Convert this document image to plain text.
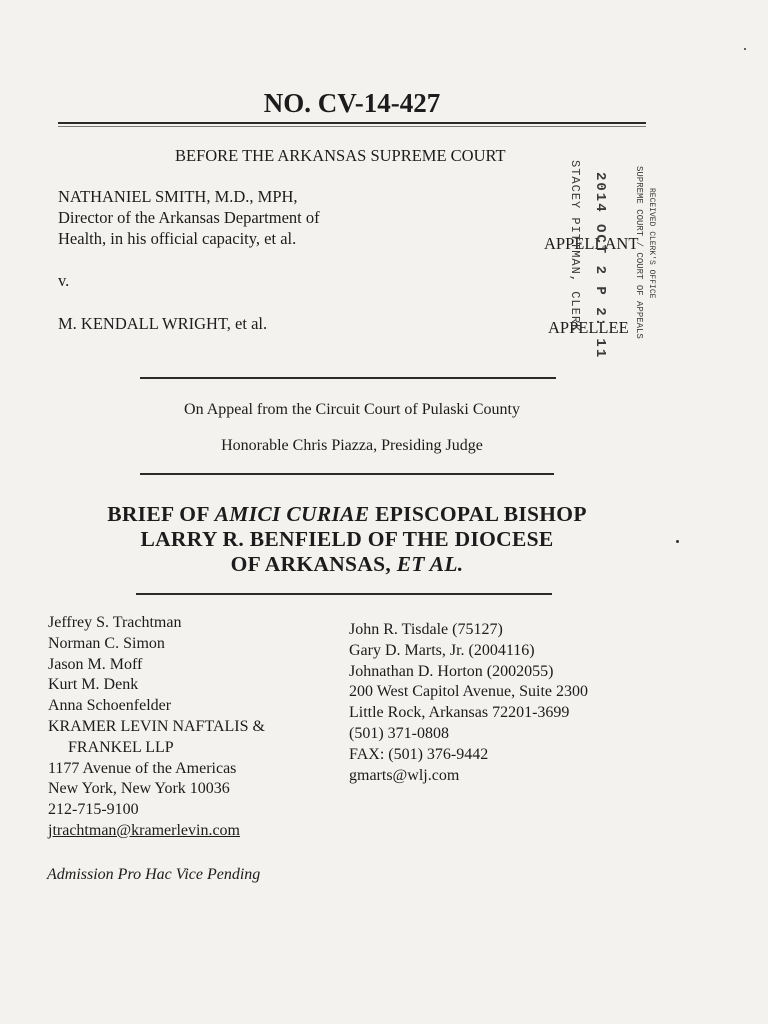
NO. CV-14-427
BEFORE THE ARKANSAS SUPREME COURT
NATHANIEL SMITH, M.D., MPH,
Director of the Arkansas Department of
Health, in his official capacity, et al.	APPELLANT
v.
M. KENDALL WRIGHT, et al.	APPELLEE
STACEY PITTMAN, CLERK 2014 OCT 2 P 2: 11	SUPREME COURT / COURT OF APPEALS RECEIVED CLERK'S OFFICE
On Appeal from the Circuit Court of Pulaski County
Honorable Chris Piazza, Presiding Judge
BRIEF OF AMICI CURIAE EPISCOPAL BISHOP
LARRY R. BENFIELD OF THE DIOCESE
OF ARKANSAS, ET AL.
Jeffrey S. Trachtman
Norman C. Simon
Jason M. Moff
Kurt M. Denk
Anna Schoenfelder
KRAMER LEVIN NAFTALIS &
FRANKEL LLP
1177 Avenue of the Americas
New York, New York 10036
212-715-9100
jtrachtman@kramerlevin.com
Admission Pro Hac Vice Pending
John R. Tisdale (75127)
Gary D. Marts, Jr. (2004116)
Johnathan D. Horton (2002055)
200 West Capitol Avenue, Suite 2300
Little Rock, Arkansas 72201-3699
(501) 371-0808
FAX: (501) 376-9442
gmarts@wlj.com
